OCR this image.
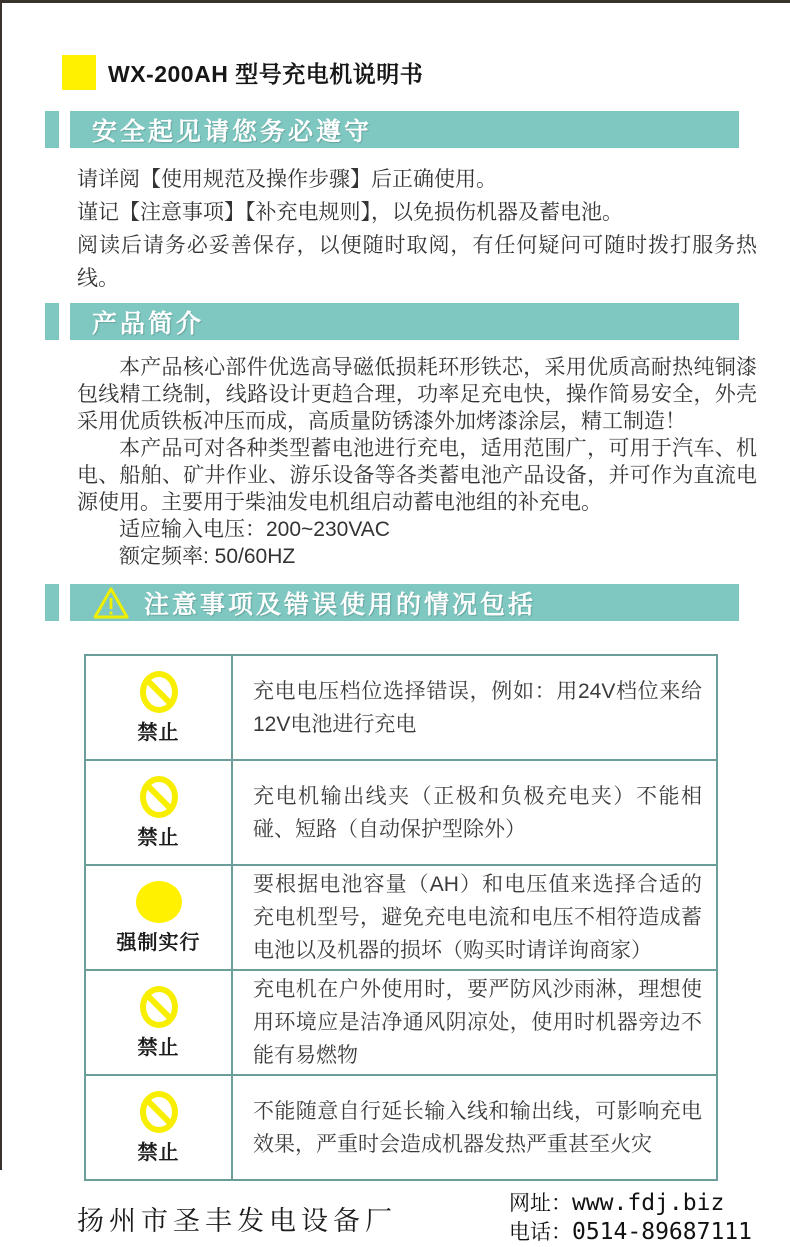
WX-200AH 型号充电机说明书
安全起见请您务必遵守
请详阅【使用规范及操作步骤】后正确使用。
谨记【注意事项】【补充电规则】，以免损伤机器及蓄电池。
阅读后请务必妥善保存，以便随时取阅，有任何疑问可随时拨打服务热线。
产品简介

本产品核心部件优选高导磁低损耗环形铁芯，采用优质高耐热纯铜漆包线精工绕制，线路设计更趋合理，功率足充电快，操作简易安全，外壳采用优质铁板冲压而成，高质量防锈漆外加烤漆涂层，精工制造！

本产品可对各种类型蓄电池进行充电，适用范围广，可用于汽车、机电、船舶、矿井作业、游乐设备等各类蓄电池产品设备，并可作为直流电源使用。主要用于柴油发电机组启动蓄电池组的补充电。

适应输入电压：200~230VAC
额定频率: 50/60HZ
注意事项及错误使用的情况包括
禁止	充电电压档位选择错误，例如：用24V档位来给12V电池进行充电

禁止	充电机输出线夹（正极和负极充电夹）不能相碰、短路（自动保护型除外）

强制实行	要根据电池容量（AH）和电压值来选择合适的充电机型号，避免充电电流和电压不相符造成蓄电池以及机器的损坏（购买时请详询商家）

禁止	充电机在户外使用时，要严防风沙雨淋，理想使用环境应是洁净通风阴凉处，使用时机器旁边不能有易燃物

禁止	不能随意自行延长输入线和输出线，可影响充电效果，严重时会造成机器发热严重甚至火灾
扬州市圣丰发电设备厂
网址： www.fdj.biz
电话： 0514-89687111
